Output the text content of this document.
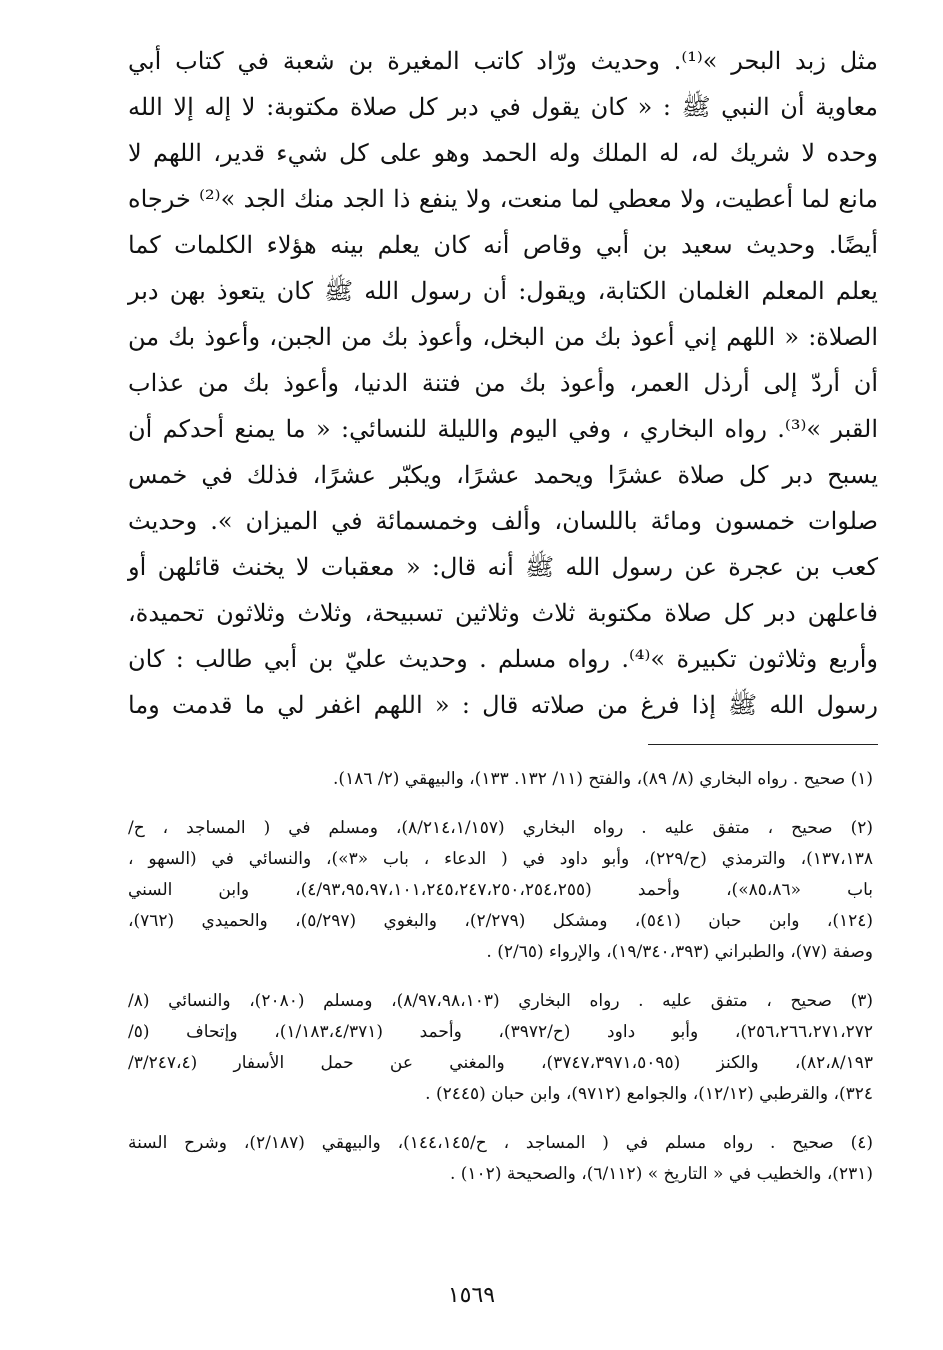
مثل زبد البحر »⁽¹⁾. وحديث ورّاد كاتب المغيرة بن شعبة في كتاب أبي
معاوية أن النبي ﷺ : « كان يقول في دبر كل صلاة مكتوبة: لا إله إلا الله
وحده لا شريك له، له الملك وله الحمد وهو على كل شيء قدير، اللهم لا
مانع لما أعطيت، ولا معطي لما منعت، ولا ينفع ذا الجد منك الجد »⁽²⁾ خرجاه
أيضًا. وحديث سعيد بن أبي وقاص أنه كان يعلم بينه هؤلاء الكلمات كما
يعلم المعلم الغلمان الكتابة، ويقول: أن رسول الله ﷺ كان يتعوذ بهن دبر
الصلاة: « اللهم إني أعوذ بك من البخل، وأعوذ بك من الجبن، وأعوذ بك من
أن أردّ إلى أرذل العمر، وأعوذ بك من فتنة الدنيا، وأعوذ بك من عذاب
القبر »⁽³⁾. رواه البخاري ، وفي اليوم والليلة للنسائي: « ما يمنع أحدكم أن
يسبح دبر كل صلاة عشرًا ويحمد عشرًا، ويكبّر عشرًا، فذلك في خمس
صلوات خمسون ومائة باللسان، وألف وخمسمائة في الميزان ». وحديث
كعب بن عجرة عن رسول الله ﷺ أنه قال: « معقبات لا يخنث قائلهن أو
فاعلهن دبر كل صلاة مكتوبة ثلاث وثلاثين تسبيحة، وثلاث وثلاثون تحميدة،
وأربع وثلاثون تكبيرة »⁽⁴⁾. رواه مسلم . وحديث عليّ بن أبي طالب : كان
رسول الله ﷺ إذا فرغ من صلاته قال : « اللهم اغفر لي ما قدمت وما
(١) صحيح . رواه البخاري (٨/ ٨٩)، والفتح (١١/ ١٣٢. ١٣٣)، والبيهقي (٢/ ١٨٦).
(٢) صحيح ، متفق عليه . رواه البخاري (٨/٢١٤،١/١٥٧)، ومسلم في ( المساجد ، ح/
١٣٧،١٣٨)، والترمذي (ح/٢٢٩)، وأبو داود في ( الدعاء ، باب «٣»)، والنسائي في (السهو ،
باب «٨٥،٨٦»)، وأحمد (٤/٩٣،٩٥،٩٧،١٠١،٢٤٥،٢٤٧،٢٥٠،٢٥٤،٢٥٥)، وابن السني
(١٢٤)، وابن حبان (٥٤١)، ومشكل (٢/٢٧٩)، والبغوي (٥/٢٩٧)، والحميدي (٧٦٢)،
وصفة (٧٧)، والطبراني (١٩/٣٤٠،٣٩٣)، والإرواء (٢/٦٥) .
(٣) صحيح ، متفق عليه . رواه البخاري (٨/٩٧،٩٨،١٠٣)، ومسلم (٢٠٨٠)، والنسائي (٨/
٢٥٦،٢٦٦،٢٧١،٢٧٢)، وأبو داود (ح/٣٩٧٢)، وأحمد (١/١٨٣،٤/٣٧١)، وإتحاف (٥/
٨٢،٨/١٩٣)، والكنز (٣٧٤٧،٣٩٧١،٥٠٩٥)، والمغني عن حمل الأسفار (٣/٢٤٧،٤/
٣٢٤)، والقرطبي (١٢/١٢)، والجوامع (٩٧١٢)، وابن حبان (٢٤٤٥) .
(٤) صحيح . رواه مسلم في ( المساجد ، ح/١٤٤،١٤٥)، والبيهقي (٢/١٨٧)، وشرح السنة
(٢٣١)، والخطيب في « التاريخ » (٦/١١٢)، والصحيحة (١٠٢) .
١٥٦٩
